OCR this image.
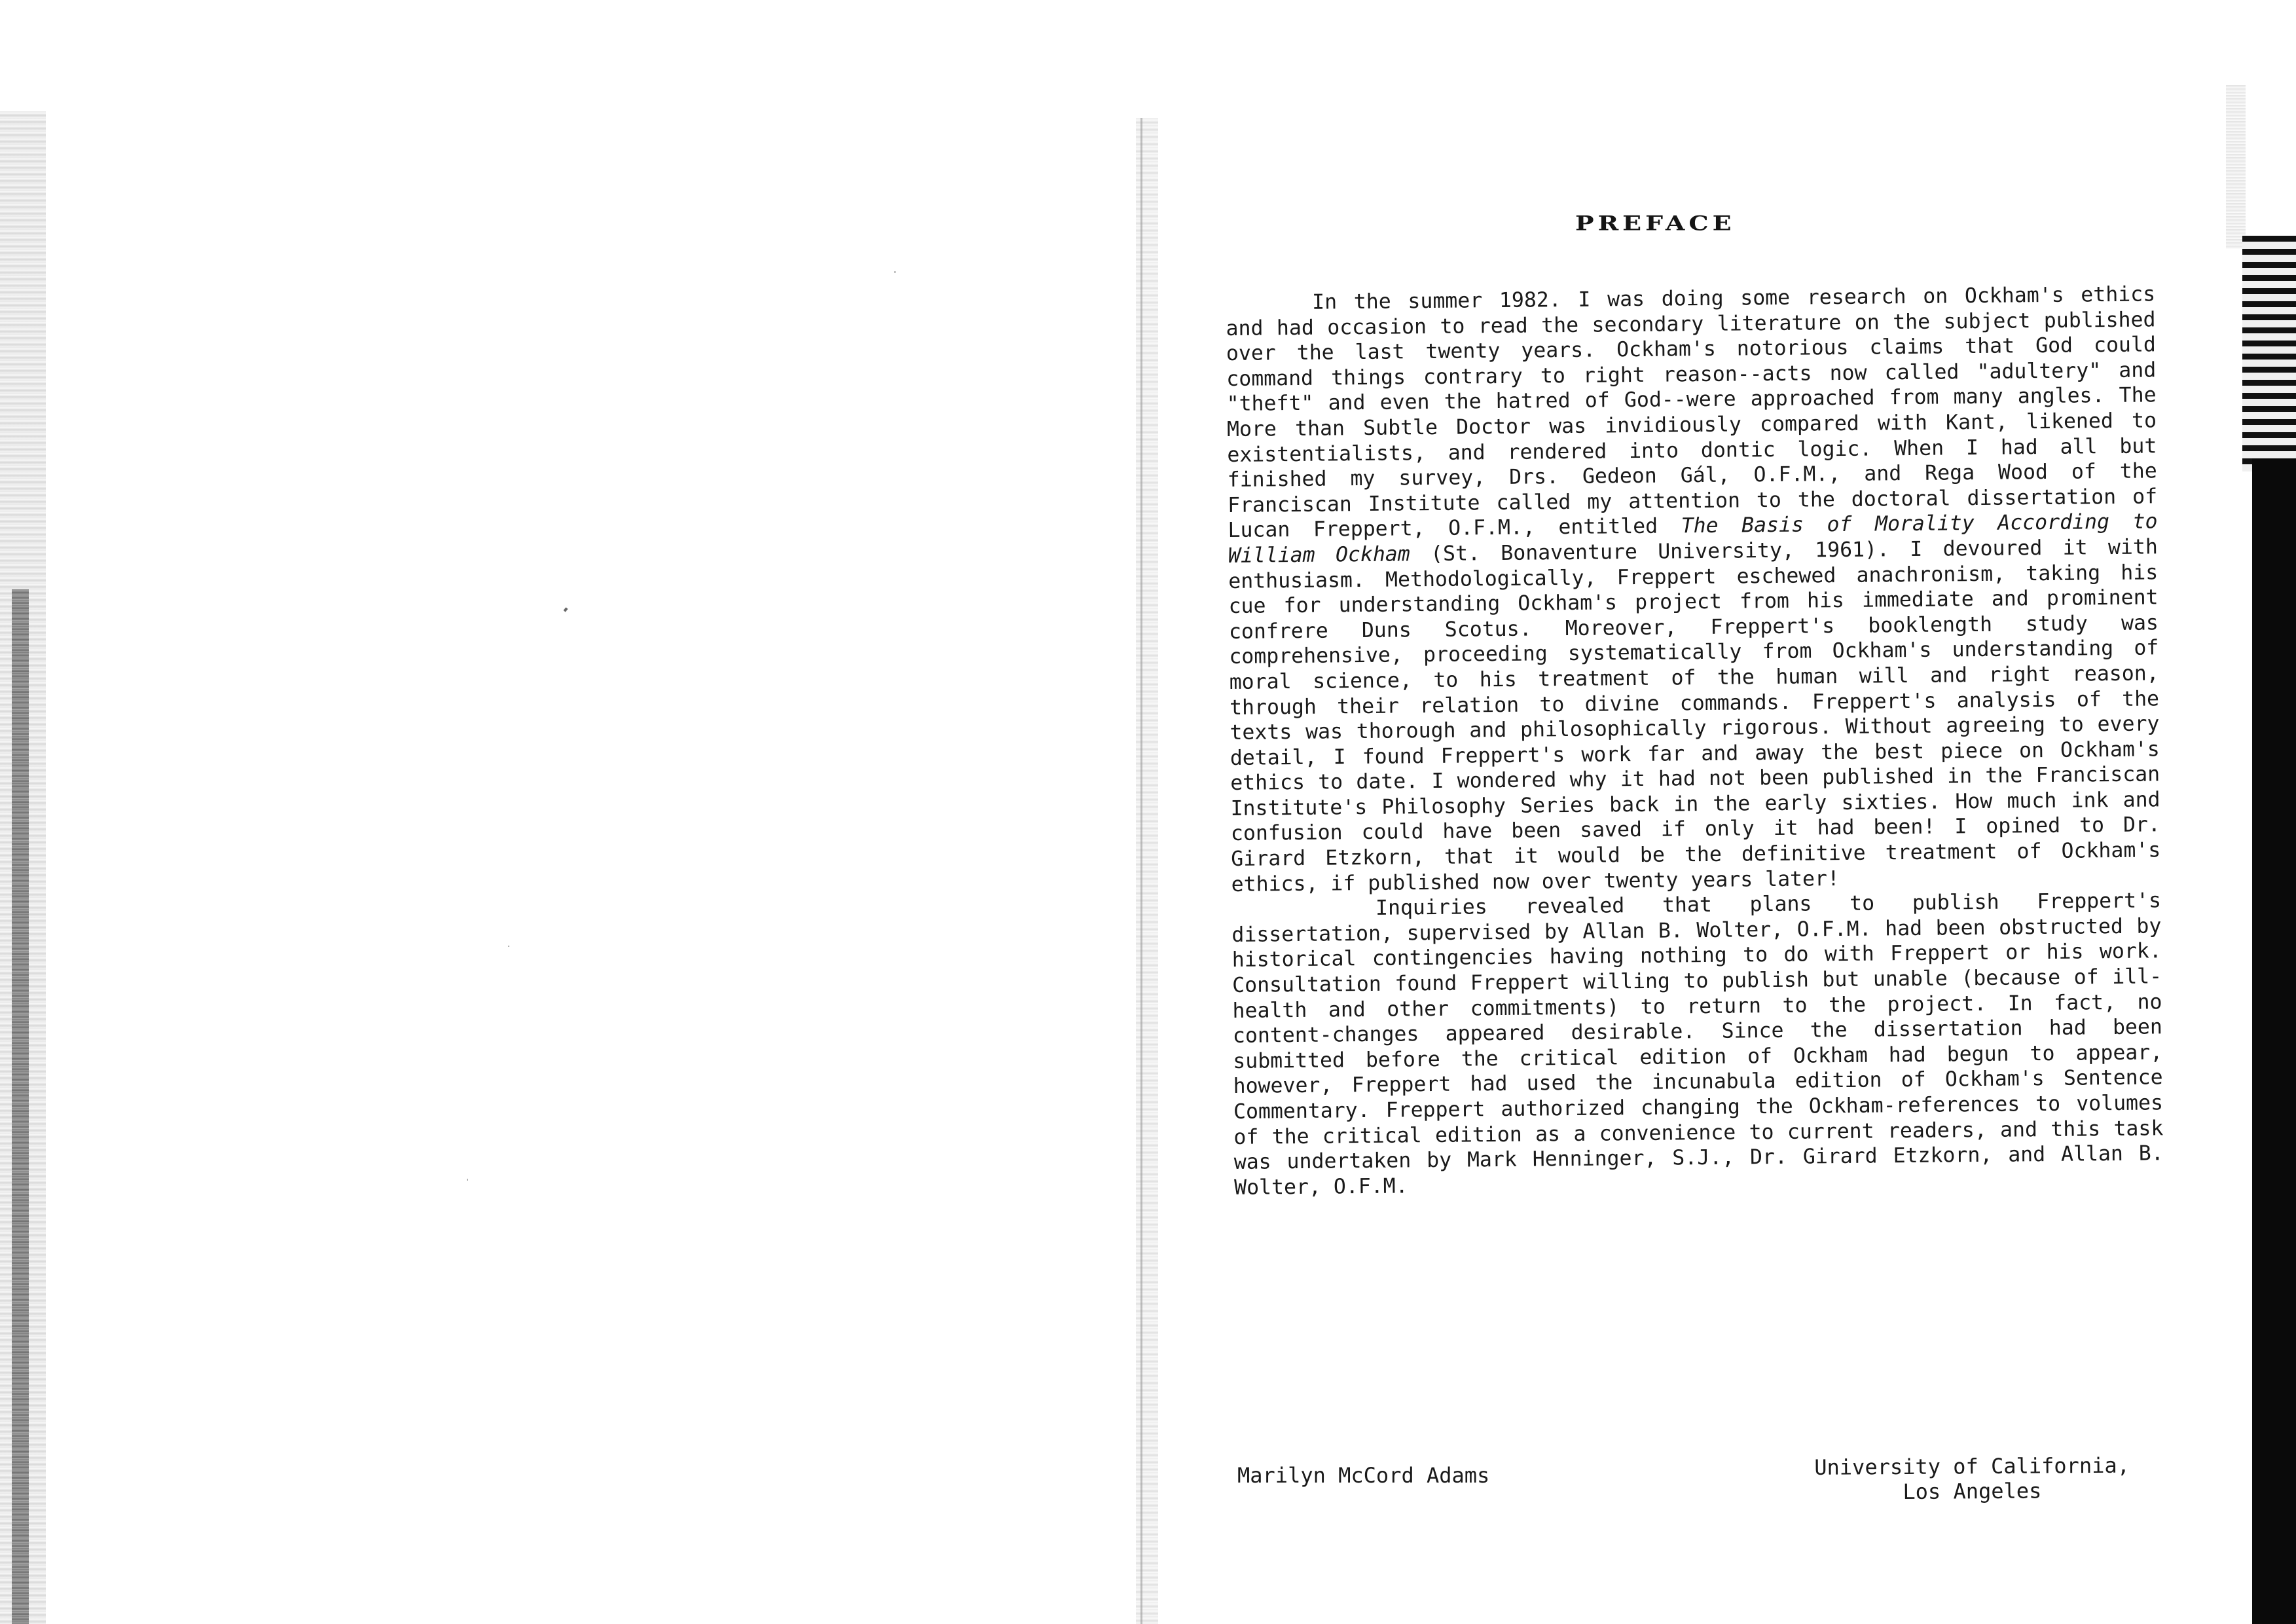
PREFACE

In the summer 1982. I was doing some research on Ockham's ethics and had occasion to read the secondary literature on the subject published over the last twenty years. Ockham's notorious claims that God could command things contrary to right reason--acts now called "adultery" and "theft" and even the hatred of God--were approached from many angles. The More than Subtle Doctor was invidiously compared with Kant, likened to existentialists, and rendered into dontic logic. When I had all but finished my survey, Drs. Gedeon Gál, O.F.M., and Rega Wood of the Franciscan Institute called my attention to the doctoral dissertation of Lucan Freppert, O.F.M., entitled The Basis of Morality According to William Ockham (St. Bonaventure University, 1961). I devoured it with enthusiasm. Methodologically, Freppert eschewed anachronism, taking his cue for understanding Ockham's project from his immediate and prominent confrere Duns Scotus. Moreover, Freppert's booklength study was comprehensive, proceeding systematically from Ockham's understanding of moral science, to his treatment of the human will and right reason, through their relation to divine commands. Freppert's analysis of the texts was thorough and philosophically rigorous. Without agreeing to every detail, I found Freppert's work far and away the best piece on Ockham's ethics to date. I wondered why it had not been published in the Franciscan Institute's Philosophy Series back in the early sixties. How much ink and confusion could have been saved if only it had been! I opined to Dr. Girard Etzkorn, that it would be the definitive treatment of Ockham's ethics, if published now over twenty years later!

Inquiries revealed that plans to publish Freppert's dissertation, supervised by Allan B. Wolter, O.F.M. had been obstructed by historical contingencies having nothing to do with Freppert or his work. Consultation found Freppert willing to publish but unable (because of ill-health and other commitments) to return to the project. In fact, no content-changes appeared desirable. Since the dissertation had been submitted before the critical edition of Ockham had begun to appear, however, Freppert had used the incunabula edition of Ockham's Sentence Commentary. Freppert authorized changing the Ockham-references to volumes of the critical edition as a convenience to current readers, and this task was undertaken by Mark Henninger, S.J., Dr. Girard Etzkorn, and Allan B. Wolter, O.F.M.

Marilyn McCord Adams	University of California,
Los Angeles
